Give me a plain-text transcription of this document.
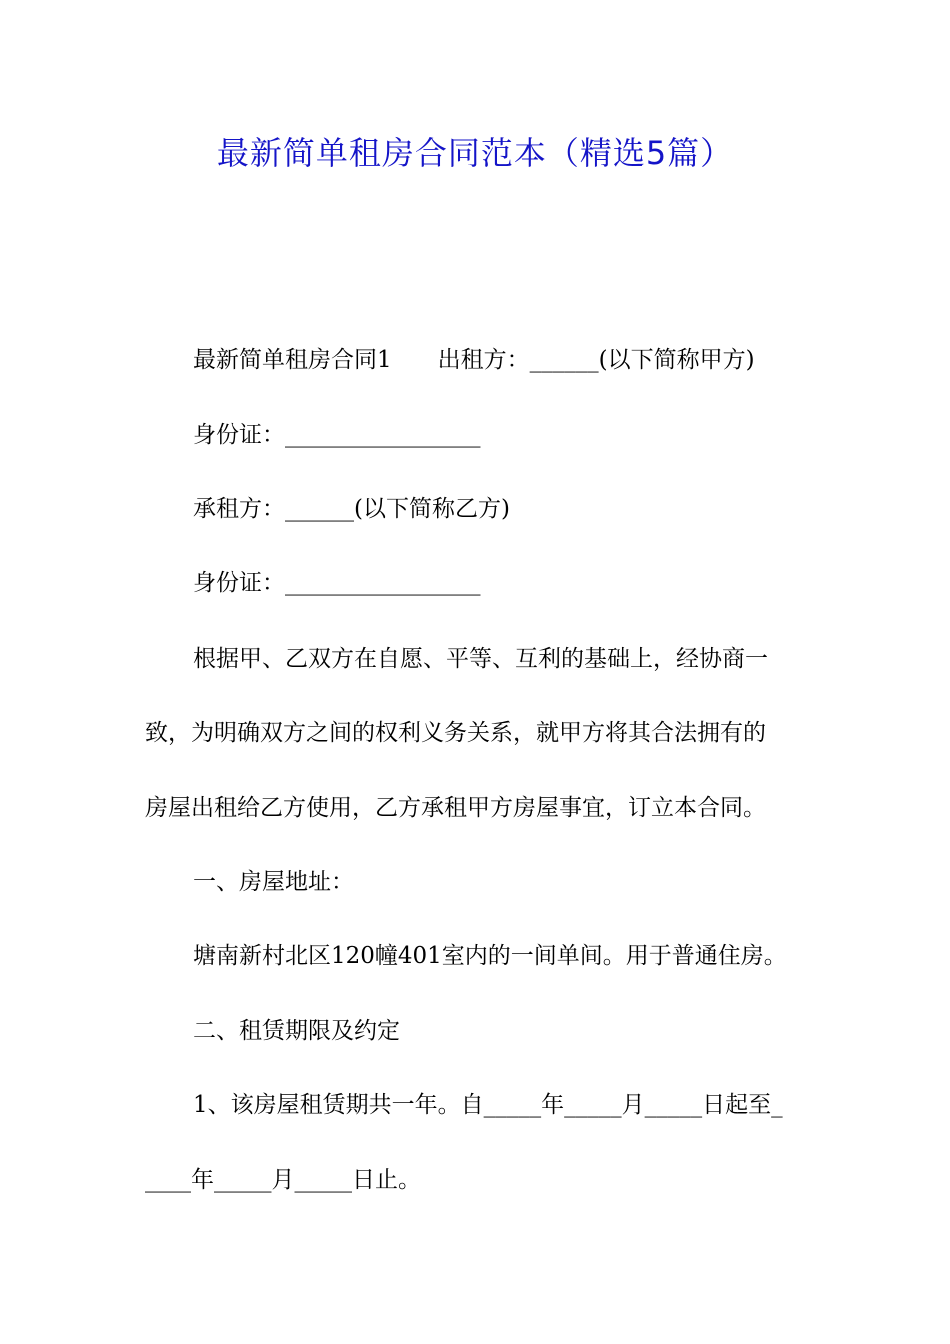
最新简单租房合同范本（精选5篇）
最新简单租房合同1　　出租方：______(以下简称甲方)
身份证：_________________
承租方：______(以下简称乙方)
身份证：_________________
根据甲、乙双方在自愿、平等、互利的基础上，经协商一
致，为明确双方之间的权利义务关系，就甲方将其合法拥有的
房屋出租给乙方使用，乙方承租甲方房屋事宜，订立本合同。
一、房屋地址：
塘南新村北区120幢401室内的一间单间。用于普通住房。
二、租赁期限及约定
1、该房屋租赁期共一年。自_____年_____月_____日起至_
____年_____月_____日止。
